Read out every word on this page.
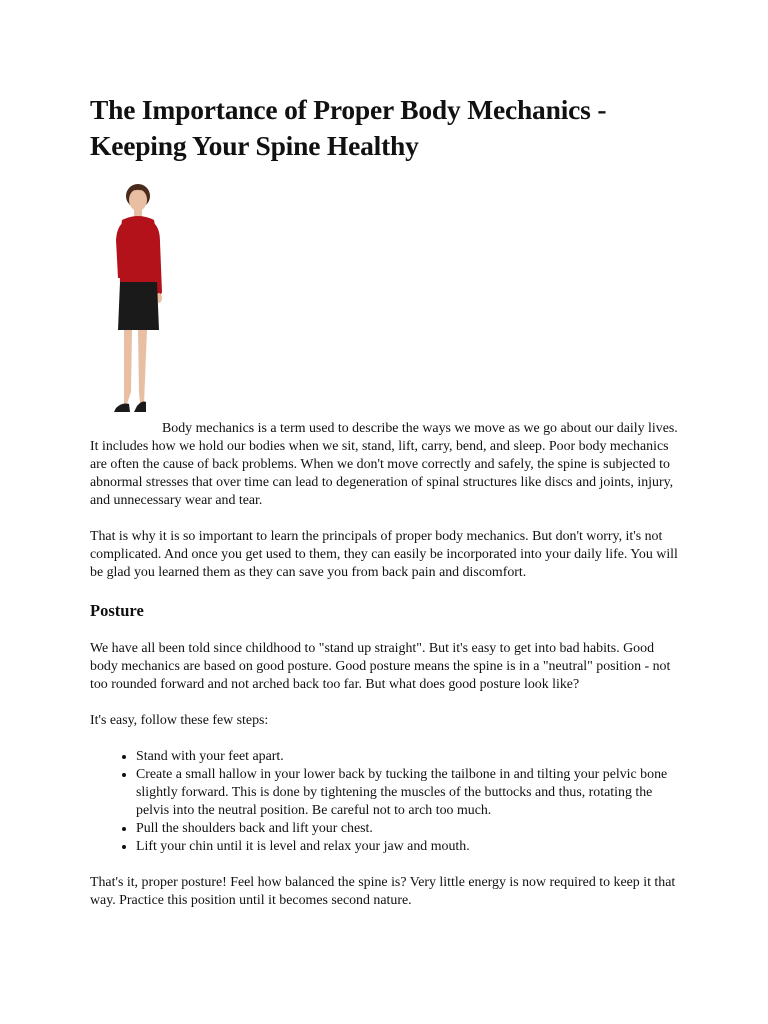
The Importance of Proper Body Mechanics - Keeping Your Spine Healthy

Body mechanics is a term used to describe the ways we move as we go about our daily lives. It includes how we hold our bodies when we sit, stand, lift, carry, bend, and sleep. Poor body mechanics are often the cause of back problems. When we don't move correctly and safely, the spine is subjected to abnormal stresses that over time can lead to degeneration of spinal structures like discs and joints, injury, and unnecessary wear and tear.

That is why it is so important to learn the principals of proper body mechanics. But don't worry, it's not complicated. And once you get used to them, they can easily be incorporated into your daily life. You will be glad you learned them as they can save you from back pain and discomfort.

Posture

We have all been told since childhood to "stand up straight". But it's easy to get into bad habits. Good body mechanics are based on good posture. Good posture means the spine is in a "neutral" position - not too rounded forward and not arched back too far. But what does good posture look like?

It's easy, follow these few steps:

• Stand with your feet apart.
• Create a small hallow in your lower back by tucking the tailbone in and tilting your pelvic bone slightly forward. This is done by tightening the muscles of the buttocks and thus, rotating the pelvis into the neutral position. Be careful not to arch too much.
• Pull the shoulders back and lift your chest.
• Lift your chin until it is level and relax your jaw and mouth.

That's it, proper posture! Feel how balanced the spine is? Very little energy is now required to keep it that way. Practice this position until it becomes second nature.
